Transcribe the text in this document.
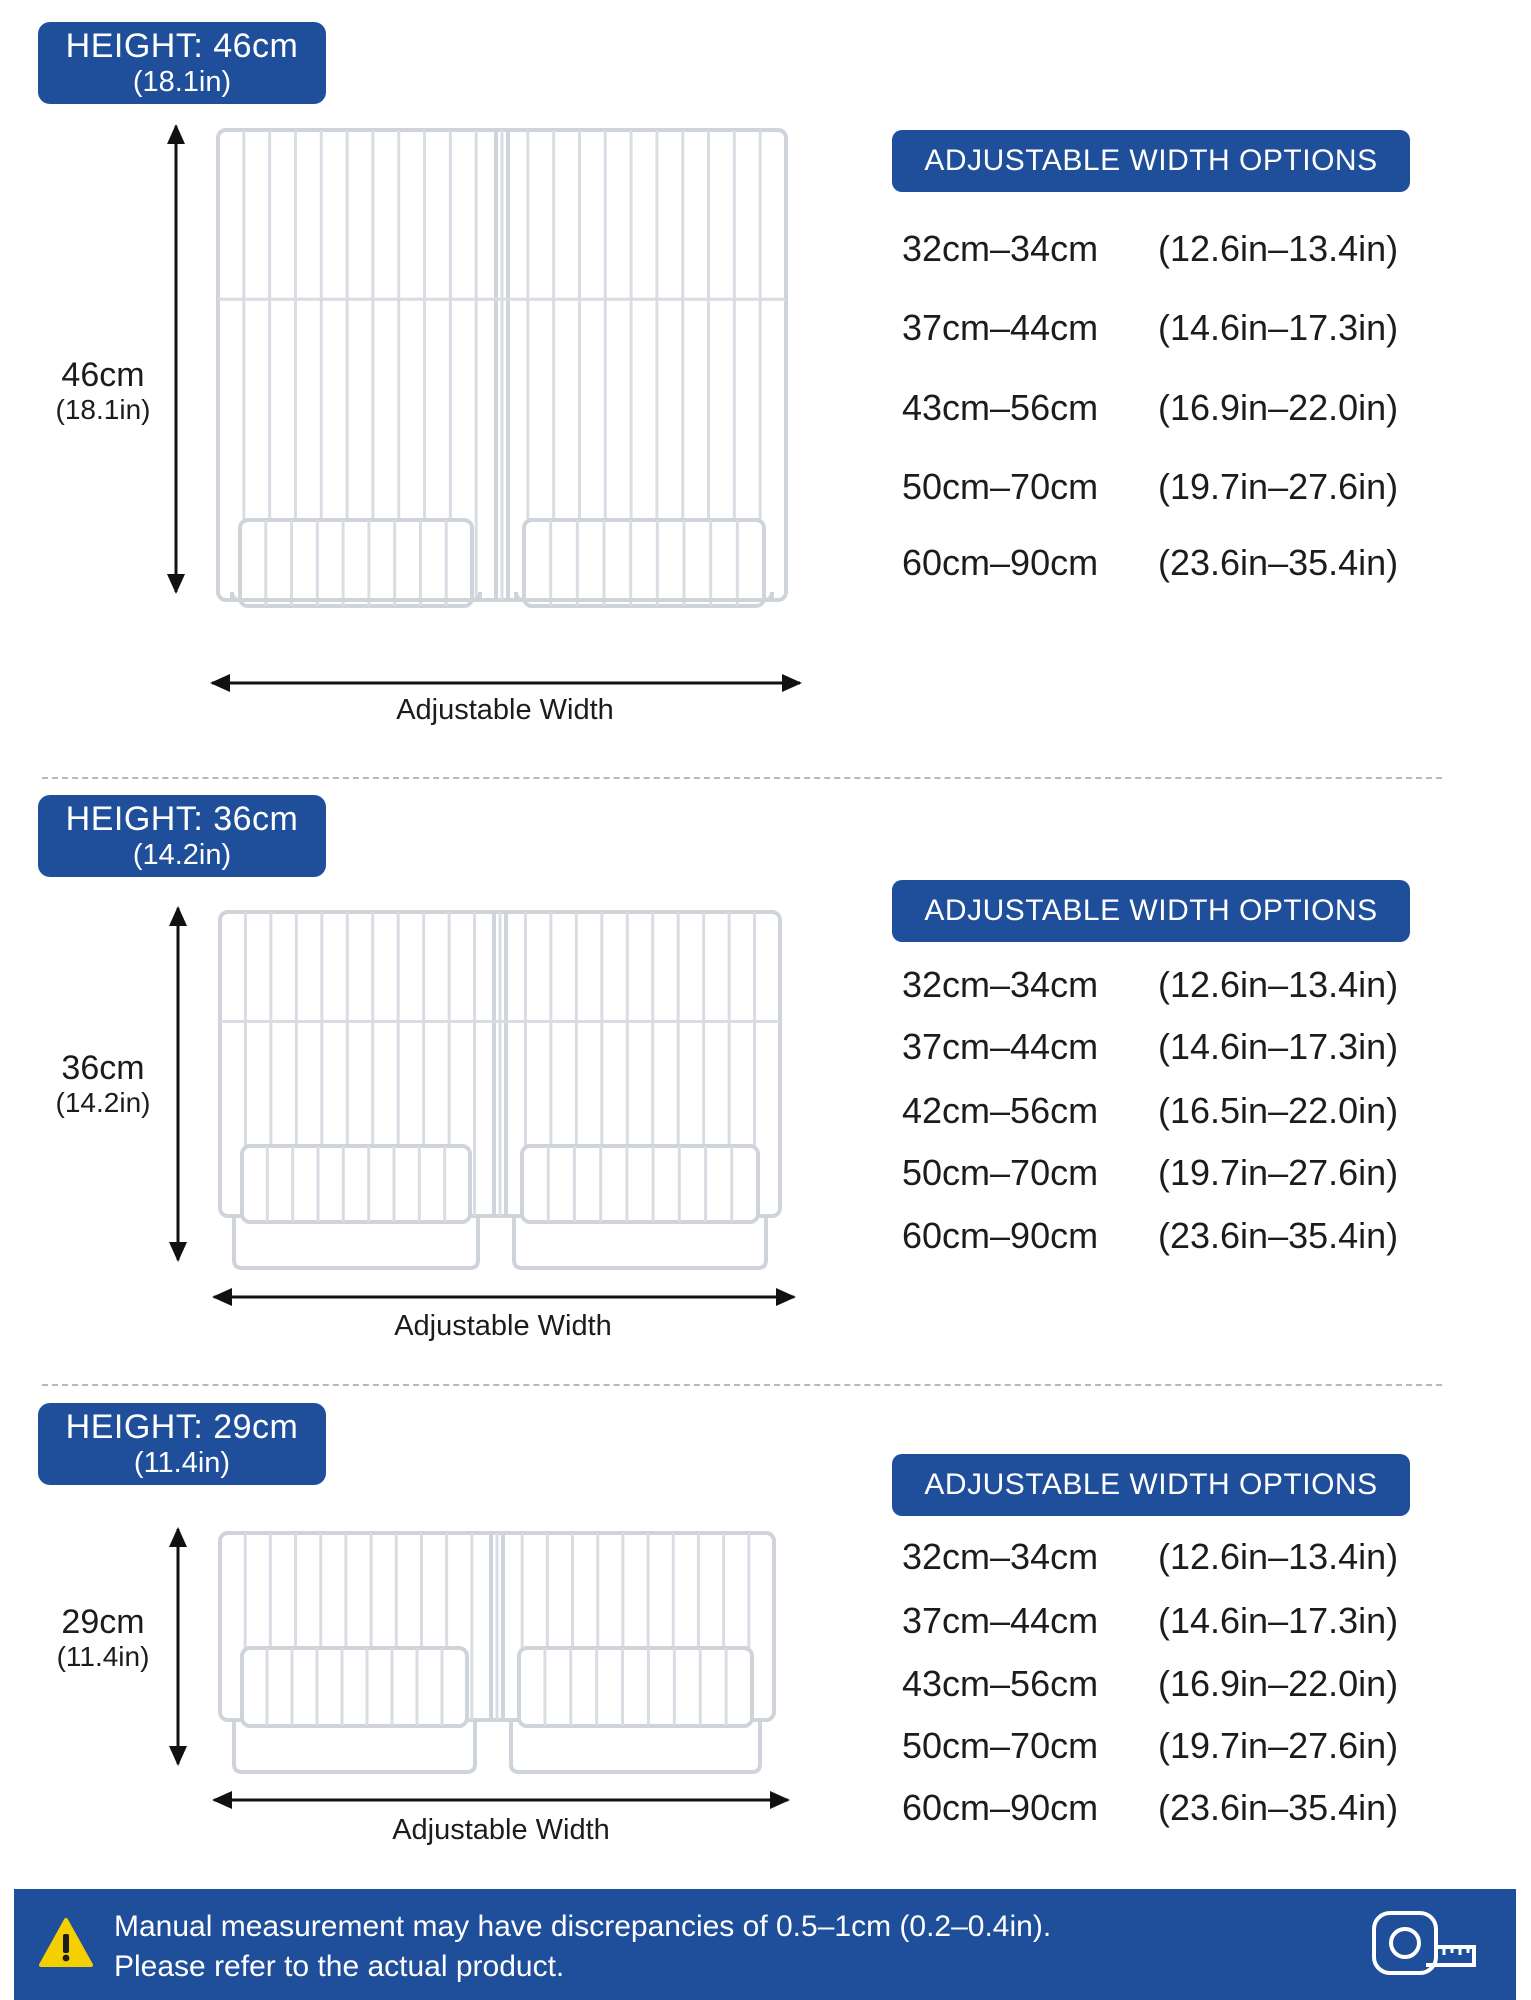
HEIGHT: 46cm
(18.1in)
46cm
(18.1in)
Adjustable Width
ADJUSTABLE WIDTH OPTIONS
32cm–34cm (12.6in–13.4in)
37cm–44cm (14.6in–17.3in)
43cm–56cm (16.9in–22.0in)
50cm–70cm (19.7in–27.6in)
60cm–90cm (23.6in–35.4in)
HEIGHT: 36cm
(14.2in)
36cm
(14.2in)
Adjustable Width
ADJUSTABLE WIDTH OPTIONS
32cm–34cm (12.6in–13.4in)
37cm–44cm (14.6in–17.3in)
42cm–56cm (16.5in–22.0in)
50cm–70cm (19.7in–27.6in)
60cm–90cm (23.6in–35.4in)
HEIGHT: 29cm
(11.4in)
29cm
(11.4in)
Adjustable Width
ADJUSTABLE WIDTH OPTIONS
32cm–34cm (12.6in–13.4in)
37cm–44cm (14.6in–17.3in)
43cm–56cm (16.9in–22.0in)
50cm–70cm (19.7in–27.6in)
60cm–90cm (23.6in–35.4in)
Manual measurement may have discrepancies of 0.5–1cm (0.2–0.4in).
Please refer to the actual product.
